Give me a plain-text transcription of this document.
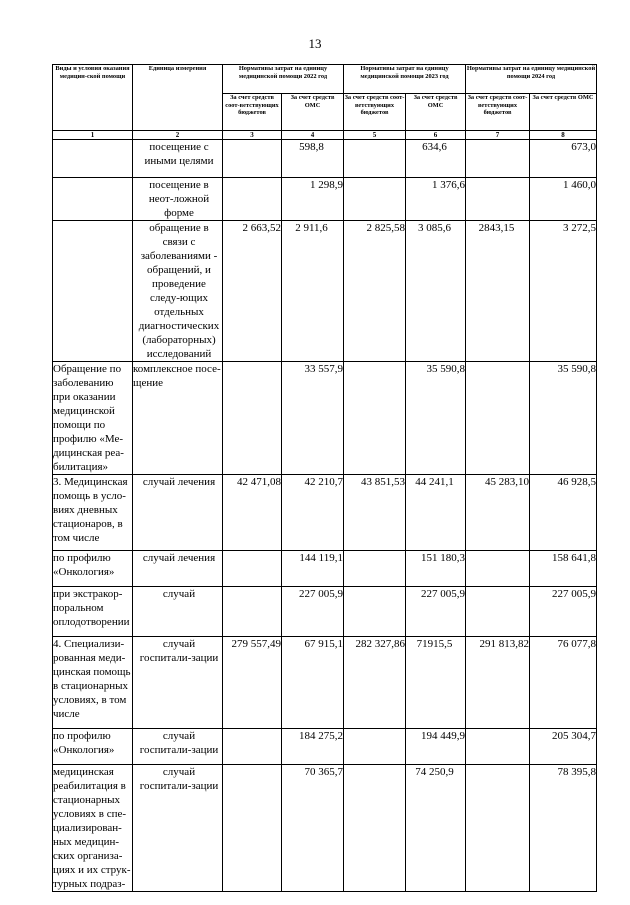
13
Виды и условия оказания медицин-ской помощи	Единица измерения	Нормативы затрат на единицу медицинской помощи 2022 год		Нормативы затрат на единицу медицинской помощи 2023 год		Нормативы затрат на единицу медицинской помощи 2024 год	
		За счет средств соот-ветствующих бюджетов	За счет средств ОМС	За счет средств соот-ветствующих бюджетов	За счет средств ОМС	За счет средств соот-ветствующих бюджетов	За счет средств ОМС
1	2	3	4	5	6	7	8
	посещение с иными целями		598,8		634,6		673,0
	посещение в неот-ложной форме		1 298,9		1 376,6		1 460,0
	обращение в связи с заболеваниями - обращений, и проведение следу-ющих отдельных диагностических (лабораторных) исследований	2 663,52	2 911,6	2 825,58	3 085,6	2843,15	3 272,5
Обращение по заболеванию при оказании медицинской помощи по профилю «Ме-дицинская реа-билитация»	комплексное посе-щение		33 557,9		35 590,8		35 590,8
3. Медицинская помощь в усло-виях дневных стационаров, в том числе	случай лечения	42 471,08	42 210,7	43 851,53	44 241,1	45 283,10	46 928,5
по профилю «Онкология»	случай лечения		144 119,1		151 180,3		158 641,8
при экстракор-поральном оплодотворении	случай		227 005,9		227 005,9		227 005,9
4. Специализи-рованная меди-цинская помощь в стационарных условиях, в том числе	случай госпитали-зации	279 557,49	67 915,1	282 327,86	71915,5	291 813,82	76 077,8
по профилю «Онкология»	случай госпитали-зации		184 275,2		194 449,9		205 304,7
медицинская реабилитация в стационарных условиях в спе-циализирован-ных медицин-ских организа-циях и их струк-турных подраз-	случай госпитали-зации		70 365,7		74 250,9		78 395,8
